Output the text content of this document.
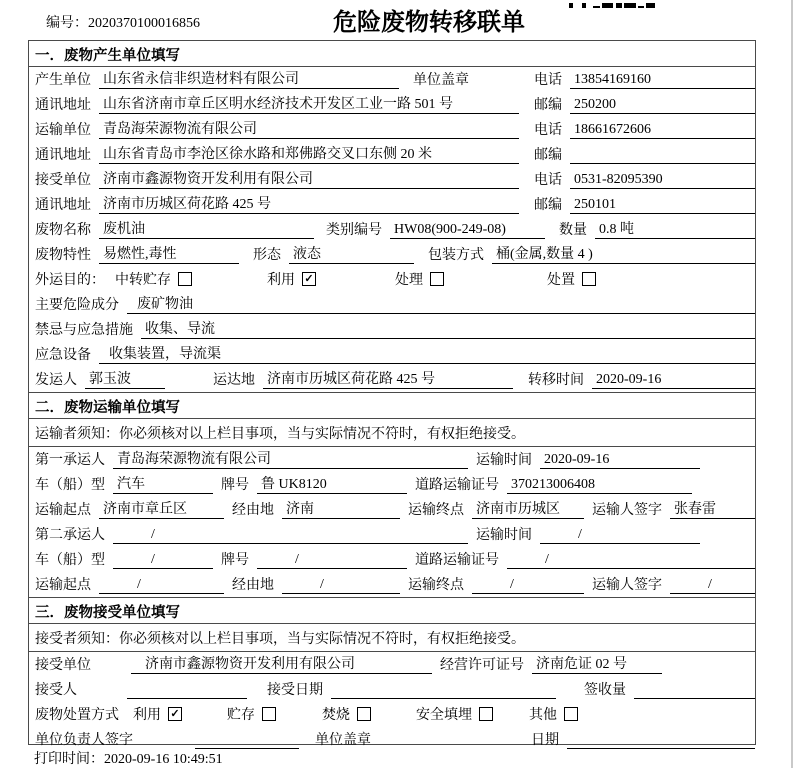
编号：2020370100016856	危险废物转移联单
一．废物产生单位填写
产生单位 山东省永信非织造材料有限公司	单位盖章	电话 13854169160
通讯地址 山东省济南市章丘区明水经济技术开发区工业一路 501 号	邮编 250200
运输单位 青岛海荣源物流有限公司	电话 18661672606
通讯地址 山东省青岛市李沧区徐水路和郑佛路交叉口东侧 20 米	邮编
接受单位 济南市鑫源物资开发利用有限公司	电话 0531-82095390
通讯地址 济南市历城区荷花路 425 号	邮编 250101
废物名称 废机油	类别编号 HW08(900-249-08)	数量 0.8 吨
废物特性 易燃性,毒性	形态 液态	包装方式 桶(金属,数量 4 )
外运目的： 中转贮存	利用 ✓	处理	处置
主要危险成分	废矿物油
禁忌与应急措施 收集、导流
应急设备	收集装置，导流渠
发运人 郭玉波	运达地 济南市历城区荷花路 425 号	转移时间 2020-09-16
二．废物运输单位填写
运输者须知：你必须核对以上栏目事项，当与实际情况不符时，有权拒绝接受。
第一承运人 青岛海荣源物流有限公司	运输时间 2020-09-16
车（船）型 汽车	牌号 鲁 UK8120	道路运输证号 370213006408
运输起点 济南市章丘区	经由地 济南	运输终点 济南市历城区	运输人签字 张春雷
第二承运人	/	运输时间	/
车（船）型	/	牌号	/	道路运输证号	/
运输起点	/	经由地	/	运输终点	/	运输人签字	/
三．废物接受单位填写
接受者须知：你必须核对以上栏目事项，当与实际情况不符时，有权拒绝接受。
接受单位	济南市鑫源物资开发利用有限公司	经营许可证号 济南危证 02 号
接受人	接受日期	签收量
废物处置方式 利用 ✓	贮存	焚烧	安全填埋	其他
单位负责人签字	单位盖章	日期
打印时间：2020-09-16 10:49:51
